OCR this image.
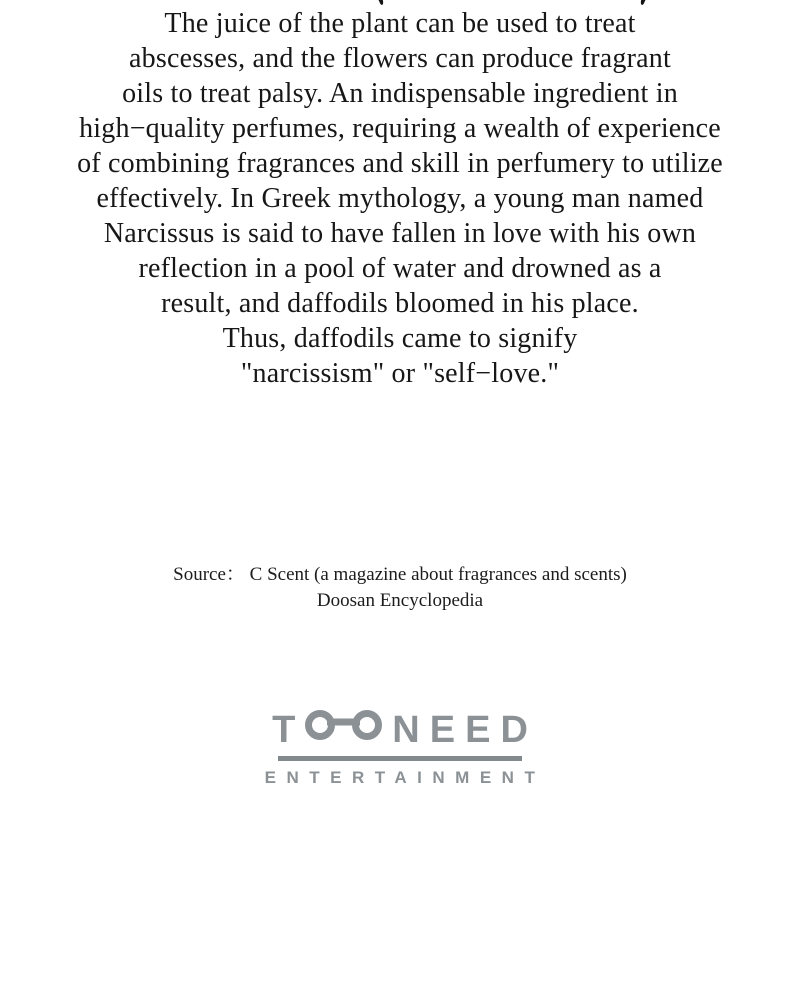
The juice of the plant can be used to treat
abscesses, and the flowers can produce fragrant
oils to treat palsy. An indispensable ingredient in
high−quality perfumes, requiring a wealth of experience
of combining fragrances and skill in perfumery to utilize
effectively. In Greek mythology, a young man named
Narcissus is said to have fallen in love with his own
reflection in a pool of water and drowned as a
result, and daffodils bloomed in his place.
Thus, daffodils came to signify
"narcissism" or "self−love."
Source： C Scent (a magazine about fragrances and scents)
Doosan Encyclopedia
T	N E E D
ENTERTAINMENT
